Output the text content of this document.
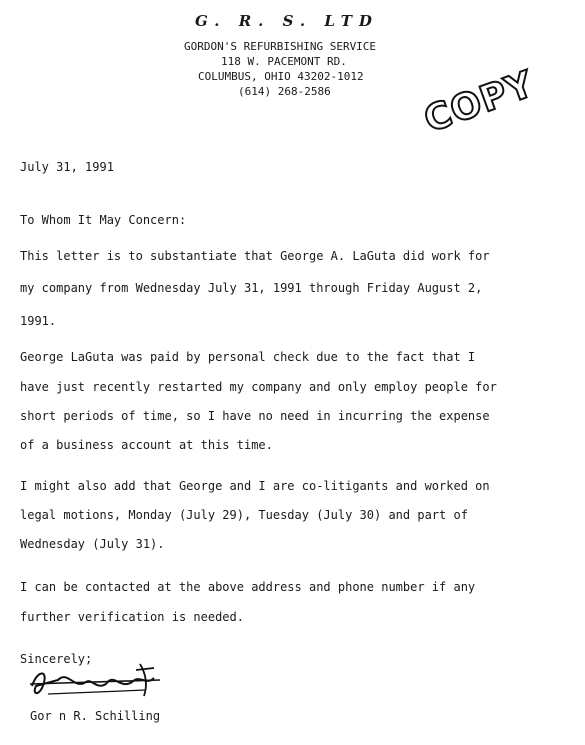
G. R. S. LTD
GORDON'S REFURBISHING SERVICE
118 W. PACEMONT RD.
COLUMBUS, OHIO 43202-1012
(614) 268-2586 COPY
July 31, 1991
To Whom It May Concern:
This letter is to substantiate that George A. LaGuta did work for
my company from Wednesday July 31, 1991 through Friday August 2,
1991.
George LaGuta was paid by personal check due to the fact that I
have just recently restarted my company and only employ people for
short periods of time, so I have no need in incurring the expense
of a business account at this time.
I might also add that George and I are co-litigants and worked on
legal motions, Monday (July 29), Tuesday (July 30) and part of
Wednesday (July 31).
I can be contacted at the above address and phone number if any
further verification is needed.
Sincerely;
Gor n R. Schilling
